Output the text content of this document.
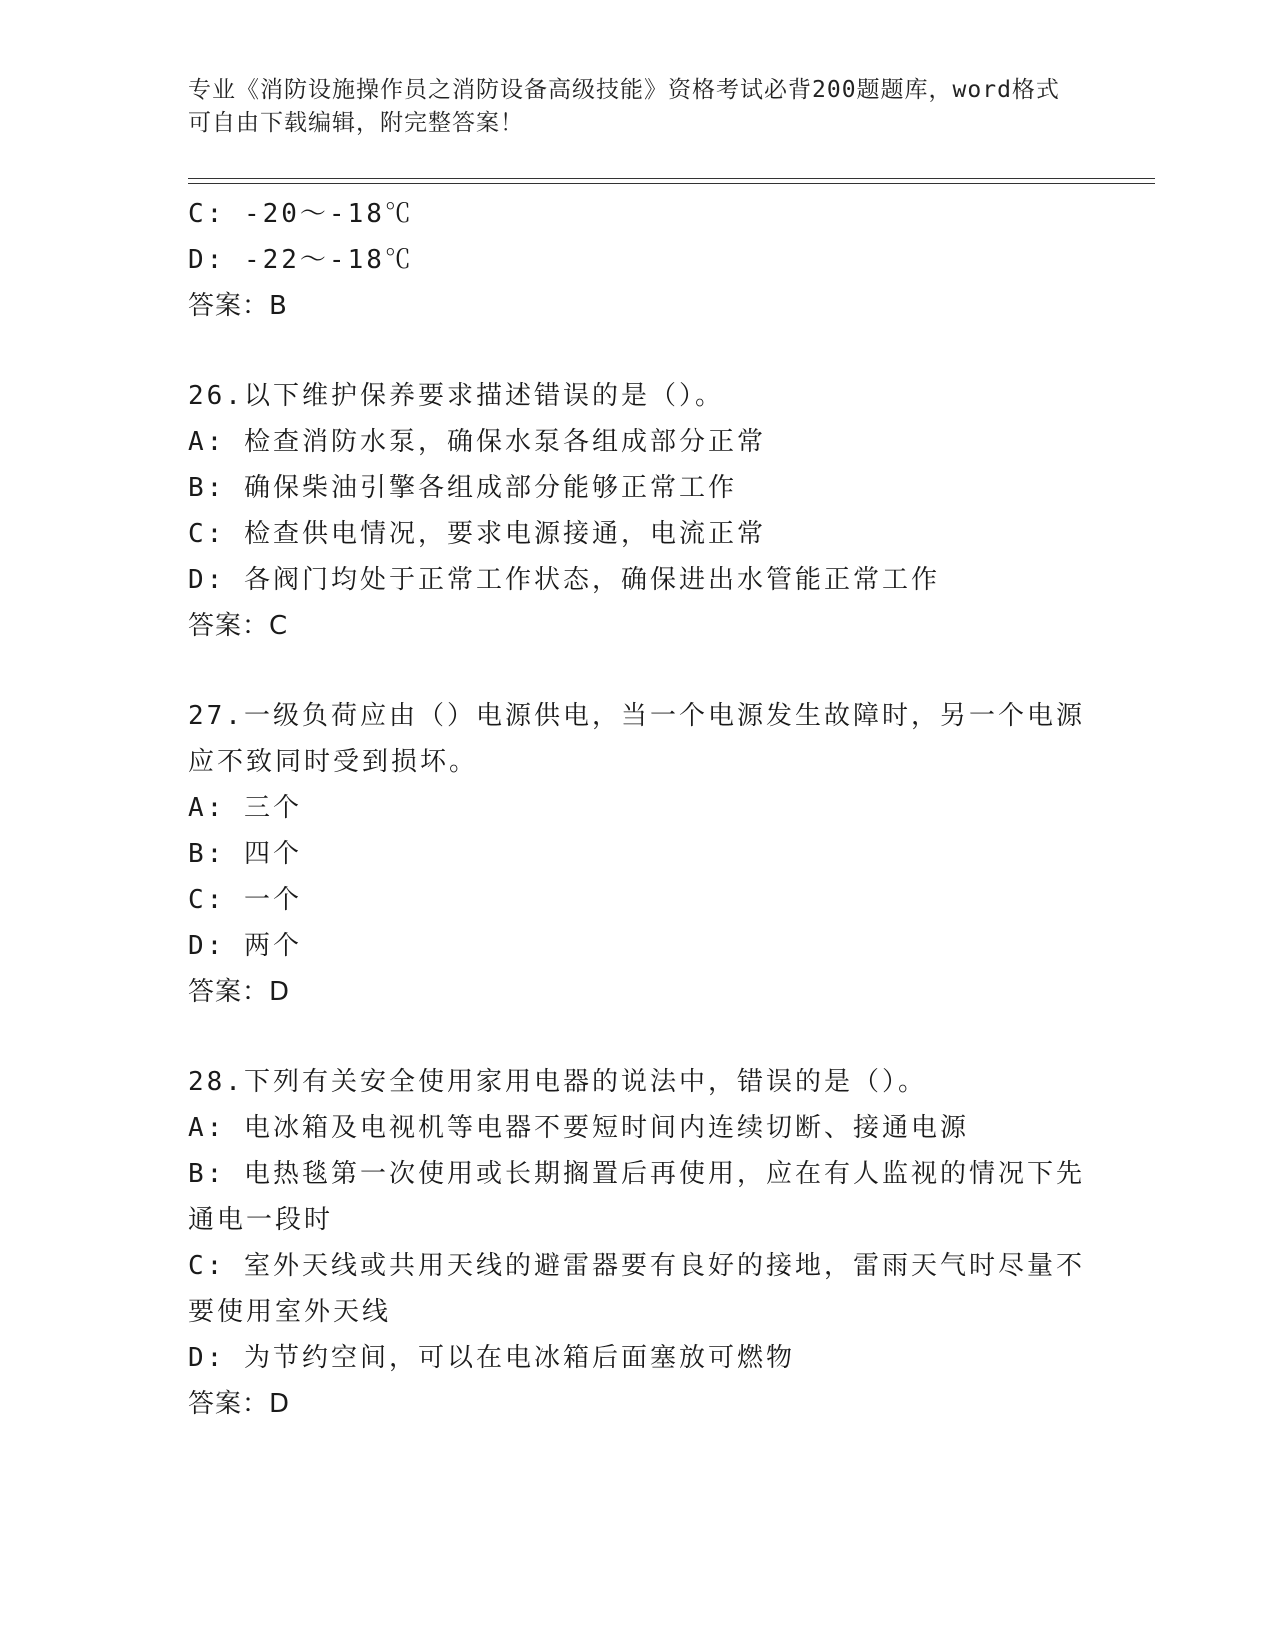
专业《消防设施操作员之消防设备高级技能》资格考试必背200题题库，word格式可自由下载编辑，附完整答案！
C: -20～-18℃
D: -22～-18℃
答案：B
26.以下维护保养要求描述错误的是（）。
A: 检查消防水泵，确保水泵各组成部分正常
B: 确保柴油引擎各组成部分能够正常工作
C: 检查供电情况，要求电源接通，电流正常
D: 各阀门均处于正常工作状态，确保进出水管能正常工作
答案：C
27.一级负荷应由（）电源供电，当一个电源发生故障时，另一个电源应不致同时受到损坏。
A: 三个
B: 四个
C: 一个
D: 两个
答案：D
28.下列有关安全使用家用电器的说法中，错误的是（）。
A: 电冰箱及电视机等电器不要短时间内连续切断、接通电源
B: 电热毯第一次使用或长期搁置后再使用，应在有人监视的情况下先通电一段时
C: 室外天线或共用天线的避雷器要有良好的接地，雷雨天气时尽量不要使用室外天线
D: 为节约空间，可以在电冰箱后面塞放可燃物
答案：D
